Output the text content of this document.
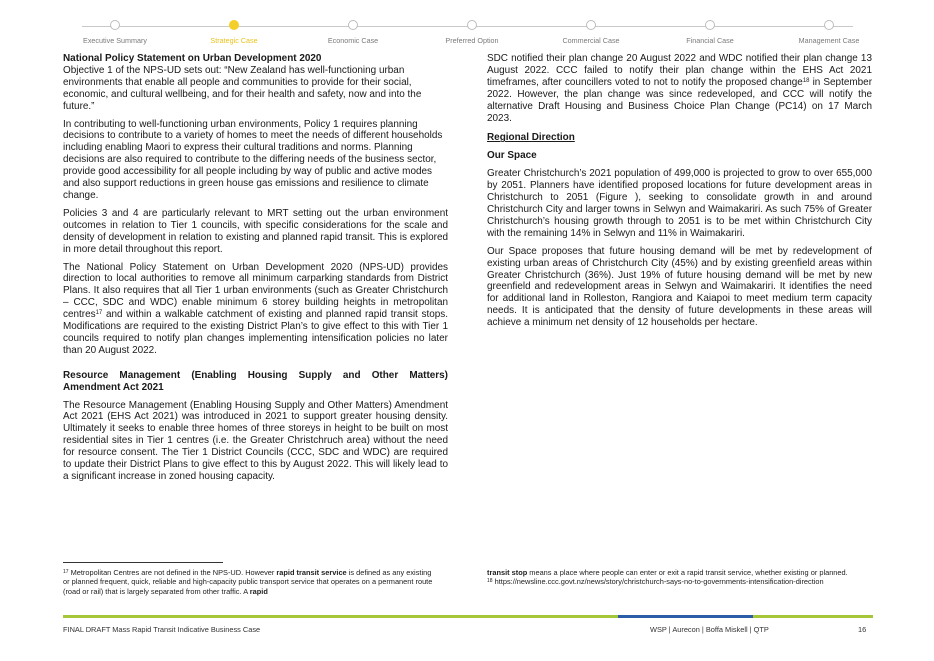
Executive Summary	Strategic Case	Economic Case	Preferred Option	Commercial Case	Financial Case	Management Case

National Policy Statement on Urban Development 2020

Objective 1 of the NPS-UD sets out: “New Zealand has well-functioning urban environments that enable all people and communities to provide for their social, economic, and cultural wellbeing, and for their health and safety, now and into the future.”

In contributing to well-functioning urban environments, Policy 1 requires planning decisions to contribute to a variety of homes to meet the needs of different households including enabling Maori to express their cultural traditions and norms. Planning decisions are also required to contribute to the differing needs of the business sector, provide good accessibility for all people including by way of public and active modes and also support reductions in green house gas emissions and resilience to climate change.

Policies 3 and 4 are particularly relevant to MRT setting out the urban environment outcomes in relation to Tier 1 councils, with specific considerations for the scale and density of development in relation to existing and planned rapid transit. This is explored in more detail throughout this report.

The National Policy Statement on Urban Development 2020 (NPS-UD) provides direction to local authorities to remove all minimum carparking standards from District Plans. It also requires that all Tier 1 urban environments (such as Greater Christchurch – CCC, SDC and WDC) enable minimum 6 storey building heights in metropolitan centres$^{17}$ and within a walkable catchment of existing and planned rapid transit stops. Modifications are required to the existing District Plan’s to give effect to this with Tier 1 councils required to notify plan changes implementing intensification policies no later than 20 August 2022.

Resource Management (Enabling Housing Supply and Other Matters) Amendment Act 2021

The Resource Management (Enabling Housing Supply and Other Matters) Amendment Act 2021 (EHS Act 2021) was introduced in 2021 to support greater housing density. Ultimately it seeks to enable three homes of three storeys in height to be built on most residential sites in Tier 1 centres (i.e. the Greater Christchruch area) without the need for resource consent. The Tier 1 District Councils (CCC, SDC and WDC) are required to update their District Plans to give effect to this by August 2022. This will likely lead to a significant increase in zoned housing capacity.

SDC notified their plan change 20 August 2022 and WDC notified their plan change 13 August 2022. CCC failed to notify their plan change within the EHS Act 2021 timeframes, after councillers voted to not to notify the proposed change$^{18}$ in September 2022. However, the plan change was since redeveloped, and CCC will notify the alternative Draft Housing and Business Choice Plan Change (PC14) on 17 March 2023.

Regional Direction

Our Space

Greater Christchurch’s 2021 population of 499,000 is projected to grow to over 655,000 by 2051. Planners have identified proposed locations for future development areas in Christchurch to 2051 (Figure ), seeking to consolidate growth in and around Christchurch City and larger towns in Selwyn and Waimakariri. As such 75% of Greater Christchurch’s housing growth through to 2051 is to be met within Christchurch City with the remaining 14% in Selwyn and 11% in Waimakariri.

Our Space proposes that future housing demand will be met by redevelopment of existing urban areas of Christchurch City (45%) and by existing greenfield areas within Greater Christchurch (36%). Just 19% of future housing demand will be met by new greenfield and redevelopment areas in Selwyn and Waimakariri. It identifies the need for additional land in Rolleston, Rangiora and Kaiapoi to meet medium term capacity needs. It is anticipated that the density of future developments in these areas will achieve a minimum net density of 12 households per hectare.

$^{17}$ Metropolitan Centres are not defined in the NPS-UD. However rapid transit service is defined as any existing or planned frequent, quick, reliable and high-capacity public transport service that operates on a permanent route (road or rail) that is largely separated from other traffic. A rapid
transit stop means a place where people can enter or exit a rapid transit service, whether existing or planned.
$^{18}$ https://newsline.ccc.govt.nz/news/story/christchurch-says-no-to-governments-intensification-direction
FINAL DRAFT Mass Rapid Transit Indicative Business Case	WSP | Aurecon | Boffa Miskell | QTP	16
